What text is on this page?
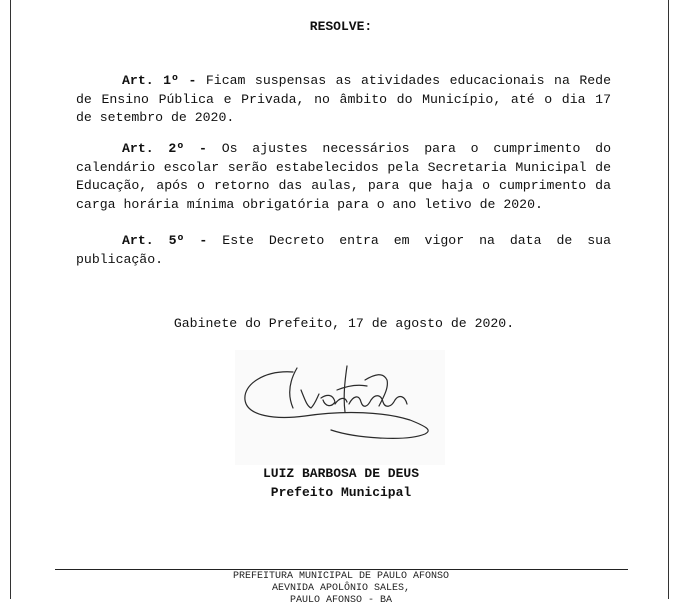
RESOLVE:
Art. 1º - Ficam suspensas as atividades educacionais na Rede de Ensino Pública e Privada, no âmbito do Município, até o dia 17 de setembro de 2020.
Art. 2º - Os ajustes necessários para o cumprimento do calendário escolar serão estabelecidos pela Secretaria Municipal de Educação, após o retorno das aulas, para que haja o cumprimento da carga horária mínima obrigatória para o ano letivo de 2020.
Art. 5º - Este Decreto entra em vigor na data de sua publicação.
Gabinete do Prefeito, 17 de agosto de 2020.
LUIZ BARBOSA DE DEUS
Prefeito Municipal
PREFEITURA MUNICIPAL DE PAULO AFONSO
AEVNIDA APOLÔNIO SALES,
PAULO AFONSO - BA
